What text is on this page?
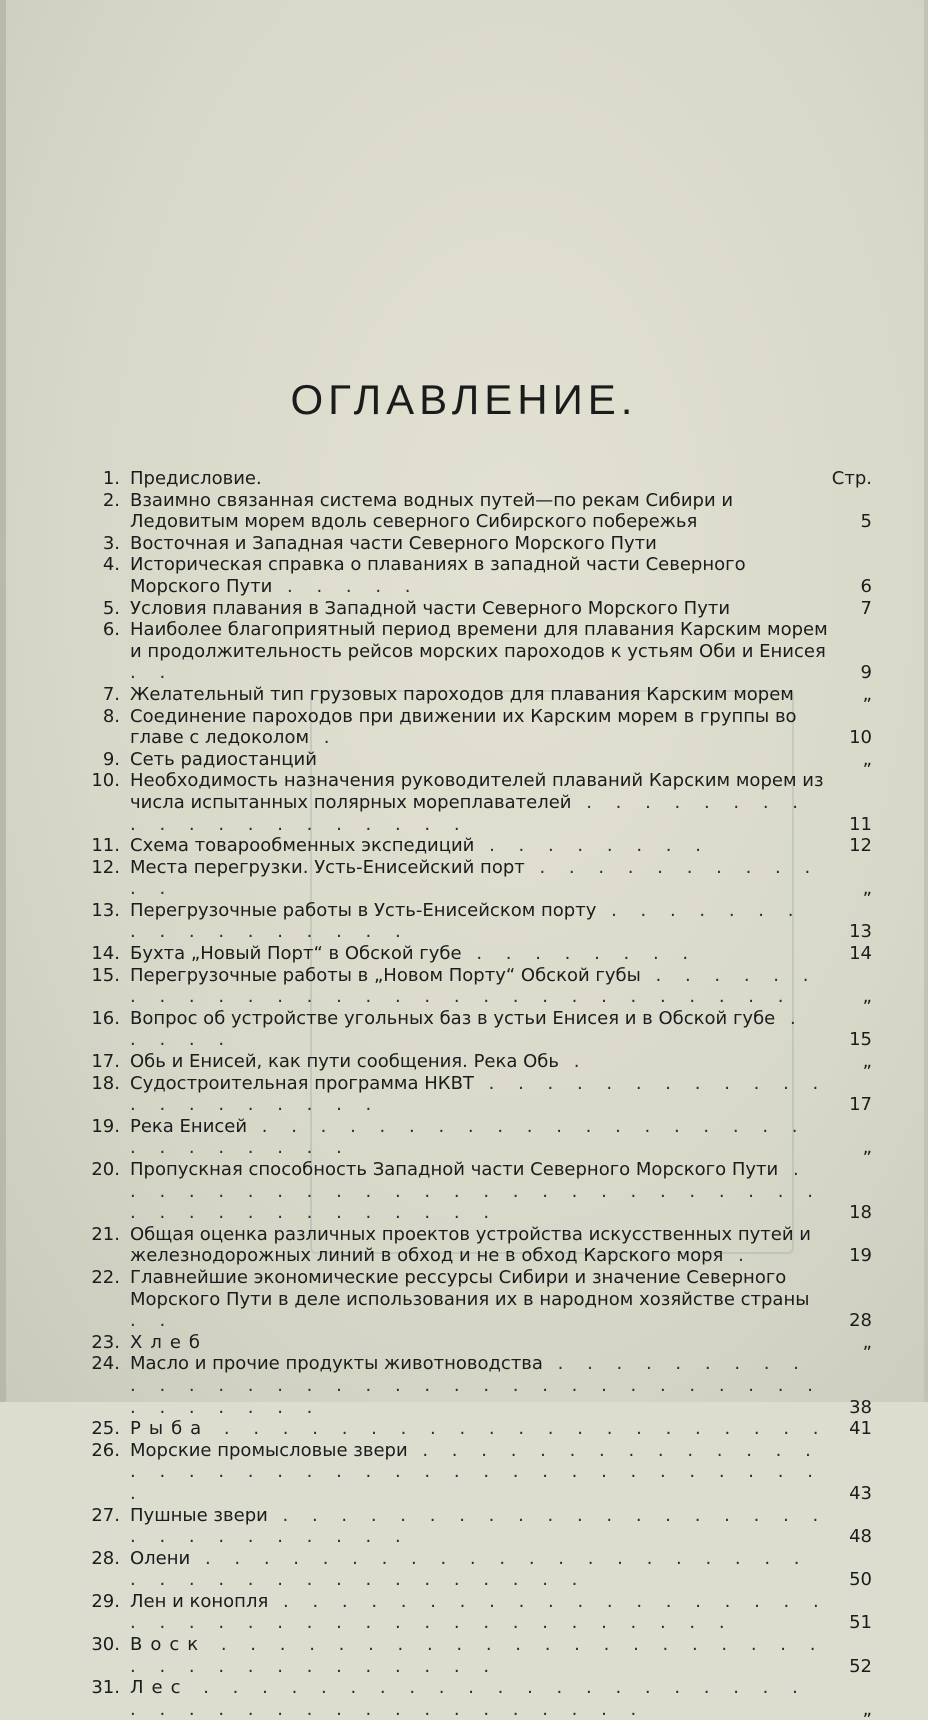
ОГЛАВЛЕНИЕ.
1. Предисловие.	Стр.
2. Взаимно связанная система водных путей—по рекам Сибири и Ледовитым морем вдоль северного Сибирского побережья	5
3. Восточная и Западная части Северного Морского Пути
4. Историческая справка о плаваниях в западной части Северного Морского Пути . . . . .	6
5. Условия плавания в Западной части Северного Морского Пути	7
6. Наиболее благоприятный период времени для плавания Карским морем и продолжительность рейсов морских пароходов к устьям Оби и Енисея . .	9
7. Желательный тип грузовых пароходов для плавания Карским морем	„
8. Соединение пароходов при движении их Карским морем в группы во главе с ледоколом .	10
9. Сеть радиостанций	„
10. Необходимость назначения руководителей плаваний Карским морем из числа испытанных полярных мореплавателей . . . . . . . . . . . . . . . . . . . .	11
11. Схема товарообменных экспедиций . . . . . . . .	12
12. Места перегрузки. Усть-Енисейский порт . . . . . . . . . . . .	„
13. Перегрузочные работы в Усть-Енисейском порту . . . . . . . . . . . . . . . . .	13
14. Бухта „Новый Порт“ в Обской губе . . . . . . . .	14
15. Перегрузочные работы в „Новом Порту“ Обской губы . . . . . . . . . . . . . . . . . . . . . . . . . . . . .	„
16. Вопрос об устройстве угольных баз в устьи Енисея и в Обской губе . . . . .	15
17. Обь и Енисей, как пути сообщения. Река Обь .	„
18. Судостроительная программа НКВТ . . . . . . . . . . . . . . . . . . . . .	17
19. Река Енисей . . . . . . . . . . . . . . . . . . . . . . . . . . .	„
20. Пропускная способность Западной части Северного Морского Пути . . . . . . . . . . . . . . . . . . . . . . . . . . . . . . . . . . . . . .	18
21. Общая оценка различных проектов устройства искусственных путей и железнодорожных линий в обход и не в обход Карского моря .	19
22. Главнейшие экономические рессурсы Сибири и значение Северного Морского Пути в деле использования их в народном хозяйстве страны . .	28
23. Хлеб	„
24. Масло и прочие продукты животноводства . . . . . . . . . . . . . . . . . . . . . . . . . . . . . . . . . . . . . . . .	38
25. Рыба . . . . . . . . . . . . . . . . . . . . .	41
26. Морские промысловые звери . . . . . . . . . . . . . . . . . . . . . . . . . . . . . . . . . . . . . . .	43
27. Пушные звери . . . . . . . . . . . . . . . . . . . . . . . . . . . . .	48
28. Олени . . . . . . . . . . . . . . . . . . . . . . . . . . . . . . . . . . . . .	50
29. Лен и конопля . . . . . . . . . . . . . . . . . . . . . . . . . . . . . . . . . . . . . . . .	51
30. Воск . . . . . . . . . . . . . . . . . . . . . . . . . . . . . . . . . .	52
31. Лес . . . . . . . . . . . . . . . . . . . . . . . . . . . . . . . . . . . . . . .	„
